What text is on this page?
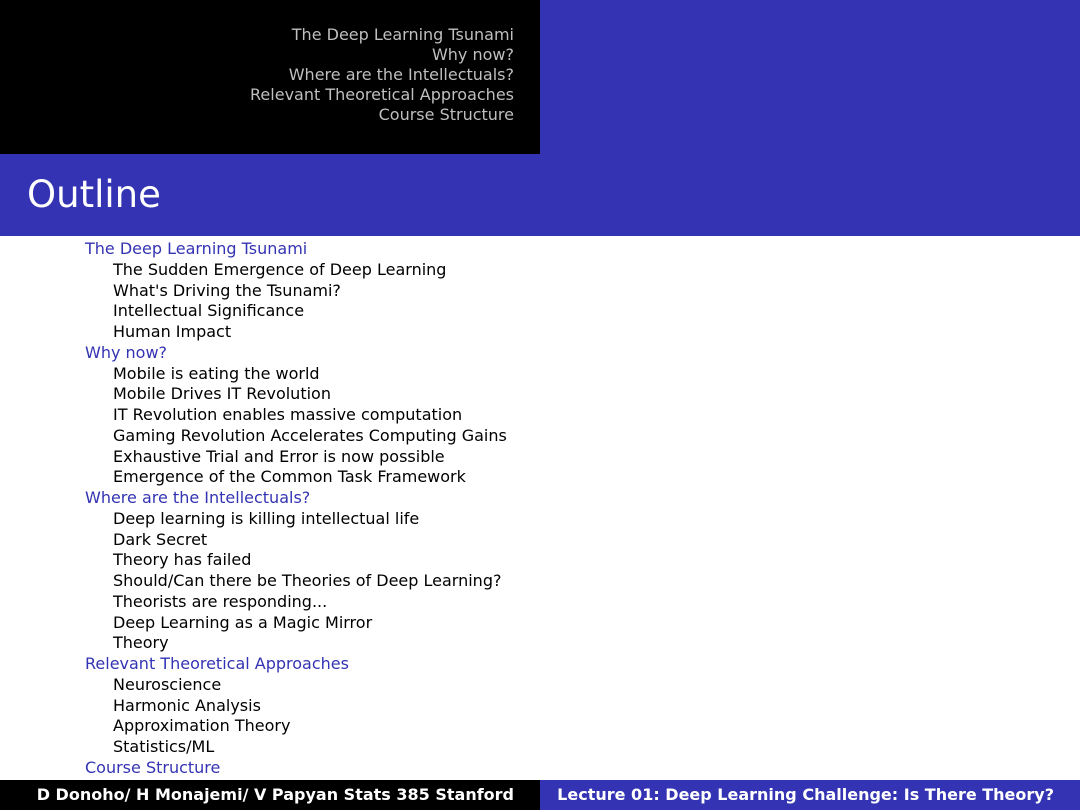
The Deep Learning Tsunami
Why now?
Where are the Intellectuals?
Relevant Theoretical Approaches
Course Structure
Outline
The Deep Learning Tsunami
The Sudden Emergence of Deep Learning
What's Driving the Tsunami?
Intellectual Significance
Human Impact
Why now?
Mobile is eating the world
Mobile Drives IT Revolution
IT Revolution enables massive computation
Gaming Revolution Accelerates Computing Gains
Exhaustive Trial and Error is now possible
Emergence of the Common Task Framework
Where are the Intellectuals?
Deep learning is killing intellectual life
Dark Secret
Theory has failed
Should/Can there be Theories of Deep Learning?
Theorists are responding...
Deep Learning as a Magic Mirror
Theory
Relevant Theoretical Approaches
Neuroscience
Harmonic Analysis
Approximation Theory
Statistics/ML
Course Structure
D Donoho/ H Monajemi/ V Papyan Stats 385 Stanford	Lecture 01: Deep Learning Challenge: Is There Theory?
